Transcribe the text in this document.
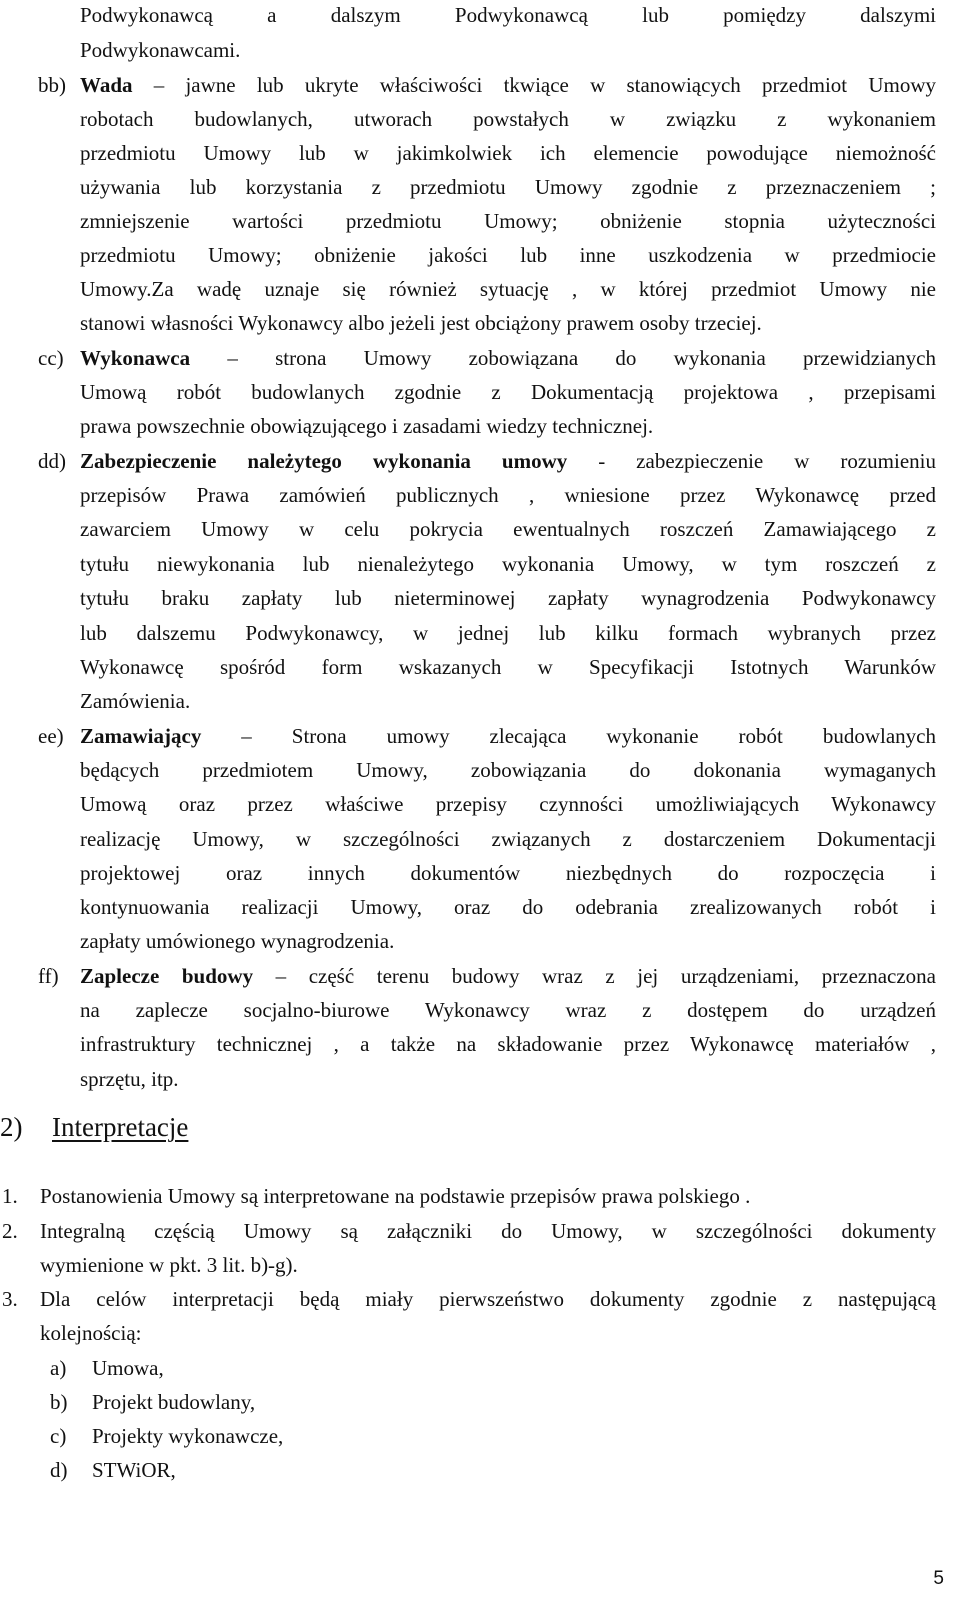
Podwykonawcą a dalszym Podwykonawcą lub pomiędzy dalszymi
Podwykonawcami.
bb) Wada – jawne lub ukryte właściwości tkwiące w stanowiących przedmiot Umowy
robotach budowlanych, utworach powstałych w związku z wykonaniem
przedmiotu Umowy lub w jakimkolwiek ich elemencie powodujące niemożność
używania lub korzystania z przedmiotu Umowy zgodnie z przeznaczeniem ;
zmniejszenie wartości przedmiotu Umowy; obniżenie stopnia użyteczności
przedmiotu Umowy; obniżenie jakości lub inne uszkodzenia w przedmiocie
Umowy.Za wadę uznaje się również sytuację , w której przedmiot Umowy nie
stanowi własności Wykonawcy albo jeżeli jest obciążony prawem osoby trzeciej.
cc) Wykonawca – strona Umowy zobowiązana do wykonania przewidzianych
Umową robót budowlanych zgodnie z Dokumentacją projektowa , przepisami
prawa powszechnie obowiązującego i zasadami wiedzy technicznej.
dd) Zabezpieczenie należytego wykonania umowy - zabezpieczenie w rozumieniu
przepisów Prawa zamówień publicznych , wniesione przez Wykonawcę przed
zawarciem Umowy w celu pokrycia ewentualnych roszczeń Zamawiającego z
tytułu niewykonania lub nienależytego wykonania Umowy, w tym roszczeń z
tytułu braku zapłaty lub nieterminowej zapłaty wynagrodzenia Podwykonawcy
lub dalszemu Podwykonawcy, w jednej lub kilku formach wybranych przez
Wykonawcę spośród form wskazanych w Specyfikacji Istotnych Warunków
Zamówienia.
ee) Zamawiający – Strona umowy zlecająca wykonanie robót budowlanych
będących przedmiotem Umowy, zobowiązania do dokonania wymaganych
Umową oraz przez właściwe przepisy czynności umożliwiających Wykonawcy
realizację Umowy, w szczególności związanych z dostarczeniem Dokumentacji
projektowej oraz innych dokumentów niezbędnych do rozpoczęcia i
kontynuowania realizacji Umowy, oraz do odebrania zrealizowanych robót i
zapłaty umówionego wynagrodzenia.
ff) Zaplecze budowy – część terenu budowy wraz z jej urządzeniami, przeznaczona
na zaplecze socjalno-biurowe Wykonawcy wraz z dostępem do urządzeń
infrastruktury technicznej , a także na składowanie przez Wykonawcę materiałów ,
sprzętu, itp.
1. Postanowienia Umowy są interpretowane na podstawie przepisów prawa polskiego .
2. Integralną częścią Umowy są załączniki do Umowy, w szczególności dokumenty
wymienione w pkt. 3 lit. b)-g).
3. Dla celów interpretacji będą miały pierwszeństwo dokumenty zgodnie z następującą
kolejnością:
a) Umowa,
b) Projekt budowlany,
c) Projekty wykonawcze,
d) STWiOR,
2) Interpretacje
5
